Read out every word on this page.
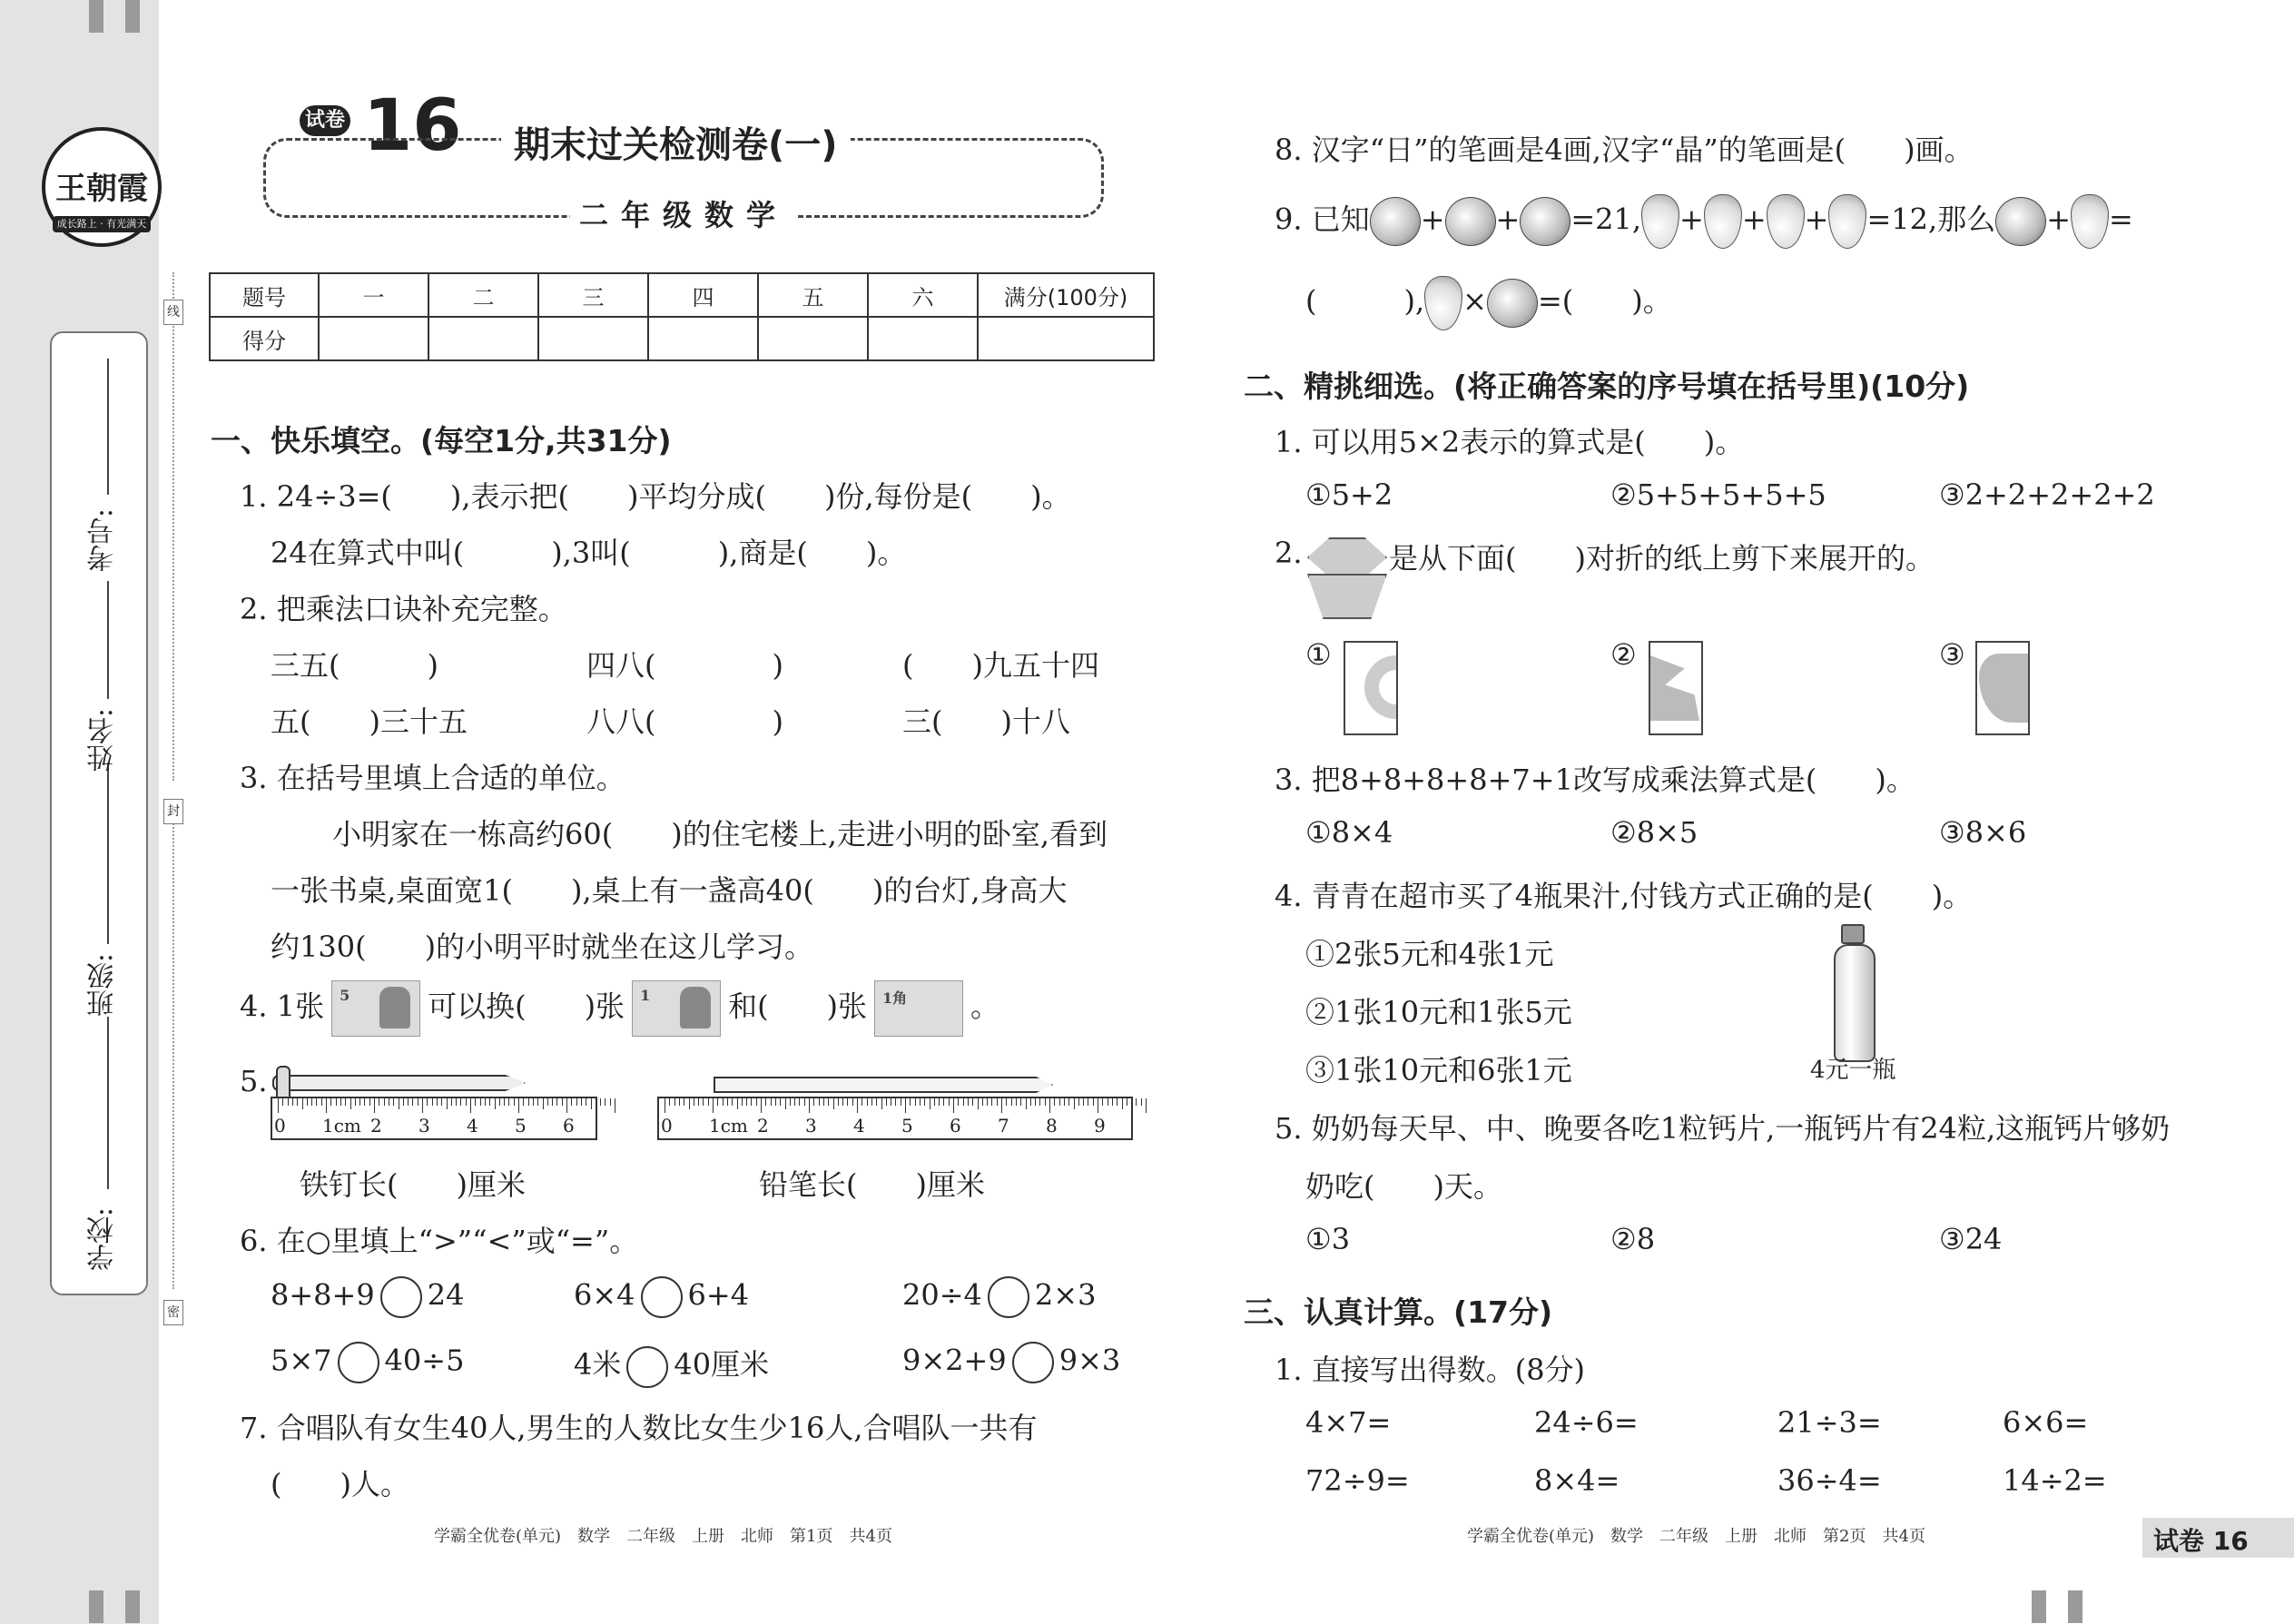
王朝霞
成长路上 · 有光满天
学校:
班级:
姓名:
考号:
线
封
密
试卷 16	期末过关检测卷(一)
二年级数学
题号	一	二	三	四	五	六	满分(100分)
得分							
一、快乐填空。(每空1分,共31分)
1. 24÷3=(　　),表示把(　　)平均分成(　　)份,每份是(　　)。
24在算式中叫(　　　),3叫(　　　),商是(　　)。
2. 把乘法口诀补充完整。
三五(　　　)	四八(　　　　)	(　　)九五十四
五(　　)三十五	八八(　　　　)	三(　　)十八
3. 在括号里填上合适的单位。
小明家在一栋高约60(　　)的住宅楼上,走进小明的卧室,看到
一张书桌,桌面宽1(　　),桌上有一盏高40(　　)的台灯,身高大
约130(　　)的小明平时就坐在这儿学习。
4. 1张 5	可以换(　　)张 1	和(　　)张 1角 。
5.
0 1cm 2 3 4 5 6	0 1cm 2 3 4 5 6 7 8 9
铁钉长(　　)厘米	铅笔长(　　)厘米
6. 在○里填上“>”“<”或“=”。
8+8+9 24	6×4 6+4	20÷4 2×3
5×7 40÷5	4米 40厘米	9×2+9 9×3
7. 合唱队有女生40人,男生的人数比女生少16人,合唱队一共有
(　　)人。
学霸全优卷(单元)　数学　二年级　上册　北师　第1页　共4页
8. 汉字“日”的笔画是4画,汉字“晶”的笔画是(　　)画。
9. 已知 + + =21, + + + =12,那么 + =
(　　　), × =(　　)。
二、精挑细选。(将正确答案的序号填在括号里)(10分)
1. 可以用5×2表示的算式是(　　)。
①5+2	②5+5+5+5+5	③2+2+2+2+2
2.	是从下面(　　)对折的纸上剪下来展开的。
①	②	③
3. 把8+8+8+8+7+1改写成乘法算式是(　　)。
①8×4	②8×5	③8×6
4. 青青在超市买了4瓶果汁,付钱方式正确的是(　　)。
①2张5元和4张1元
②1张10元和1张5元
③1张10元和6张1元	4元一瓶
5. 奶奶每天早、中、晚要各吃1粒钙片,一瓶钙片有24粒,这瓶钙片够奶
奶吃(　　)天。
①3	②8	③24
三、认真计算。(17分)
1. 直接写出得数。(8分)
4×7=	24÷6=	21÷3=	6×6=
72÷9=	8×4=	36÷4=	14÷2=
学霸全优卷(单元)　数学　二年级　上册　北师　第2页　共4页	试卷 16
